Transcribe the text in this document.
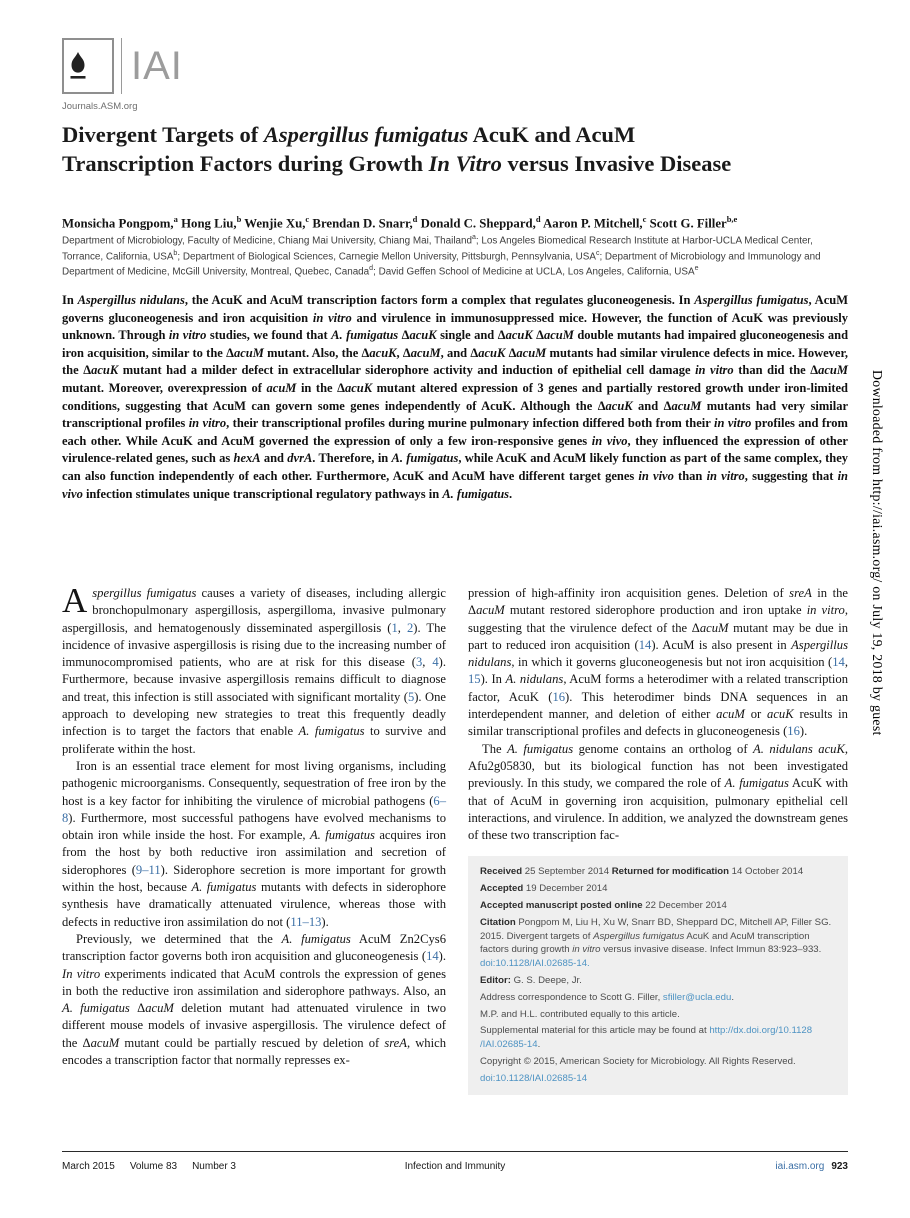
IAI
Journals.ASM.org
Divergent Targets of Aspergillus fumigatus AcuK and AcuM
Transcription Factors during Growth In Vitro versus Invasive Disease
Monsicha Pongpom,$^a$ Hong Liu,$^b$ Wenjie Xu,$^c$ Brendan D. Snarr,$^d$ Donald C. Sheppard,$^d$ Aaron P. Mitchell,$^c$ Scott G. Filler$^{b,e}$
Department of Microbiology, Faculty of Medicine, Chiang Mai University, Chiang Mai, Thailand$^a$; Los Angeles Biomedical Research Institute at Harbor-UCLA Medical Center, Torrance, California, USA$^b$; Department of Biological Sciences, Carnegie Mellon University, Pittsburgh, Pennsylvania, USA$^c$; Department of Microbiology and Immunology and Department of Medicine, McGill University, Montreal, Quebec, Canada$^d$; David Geffen School of Medicine at UCLA, Los Angeles, California, USA$^e$
In Aspergillus nidulans, the AcuK and AcuM transcription factors form a complex that regulates gluconeogenesis. In Aspergillus fumigatus, AcuM governs gluconeogenesis and iron acquisition in vitro and virulence in immunosuppressed mice. However, the function of AcuK was previously unknown. Through in vitro studies, we found that A. fumigatus ΔacuK single and ΔacuK ΔacuM double mutants had impaired gluconeogenesis and iron acquisition, similar to the ΔacuM mutant. Also, the ΔacuK, ΔacuM, and ΔacuK ΔacuM mutants had similar virulence defects in mice. However, the ΔacuK mutant had a milder defect in extracellular siderophore activity and induction of epithelial cell damage in vitro than did the ΔacuM mutant. Moreover, overexpression of acuM in the ΔacuK mutant altered expression of 3 genes and partially restored growth under iron-limited conditions, suggesting that AcuM can govern some genes independently of AcuK. Although the ΔacuK and ΔacuM mutants had very similar transcriptional profiles in vitro, their transcriptional profiles during murine pulmonary infection differed both from their in vitro profiles and from each other. While AcuK and AcuM governed the expression of only a few iron-responsive genes in vivo, they influenced the expression of other virulence-related genes, such as hexA and dvrA. Therefore, in A. fumigatus, while AcuK and AcuM likely function as part of the same complex, they can also function independently of each other. Furthermore, AcuK and AcuM have different target genes in vivo than in vitro, suggesting that in vivo infection stimulates unique transcriptional regulatory pathways in A. fumigatus.

Aspergillus fumigatus causes a variety of diseases, including allergic bronchopulmonary aspergillosis, aspergilloma, invasive pulmonary aspergillosis, and hematogenously disseminated aspergillosis (1, 2). The incidence of invasive aspergillosis is rising due to the increasing number of immunocompromised patients, who are at risk for this disease (3, 4). Furthermore, because invasive aspergillosis remains difficult to diagnose and treat, this infection is still associated with significant mortality (5). One approach to developing new strategies to treat this frequently deadly infection is to target the factors that enable A. fumigatus to survive and proliferate within the host.

Iron is an essential trace element for most living organisms, including pathogenic microorganisms. Consequently, sequestration of free iron by the host is a key factor for inhibiting the virulence of microbial pathogens (6–8). Furthermore, most successful pathogens have evolved mechanisms to obtain iron while inside the host. For example, A. fumigatus acquires iron from the host by both reductive iron assimilation and secretion of siderophores (9–11). Siderophore secretion is more important for growth within the host, because A. fumigatus mutants with defects in siderophore synthesis have dramatically attenuated virulence, whereas those with defects in reductive iron assimilation do not (11–13).

Previously, we determined that the A. fumigatus AcuM Zn2Cys6 transcription factor governs both iron acquisition and gluconeogenesis (14). In vitro experiments indicated that AcuM controls the expression of genes in both the reductive iron assimilation and siderophore pathways. Also, an A. fumigatus ΔacuM deletion mutant had attenuated virulence in two different mouse models of invasive aspergillosis. The virulence defect of the ΔacuM mutant could be partially rescued by deletion of sreA, which encodes a transcription factor that normally represses ex-

pression of high-affinity iron acquisition genes. Deletion of sreA in the ΔacuM mutant restored siderophore production and iron uptake in vitro, suggesting that the virulence defect of the ΔacuM mutant may be due in part to reduced iron acquisition (14). AcuM is also present in Aspergillus nidulans, in which it governs gluconeogenesis but not iron acquisition (14, 15). In A. nidulans, AcuM forms a heterodimer with a related transcription factor, AcuK (16). This heterodimer binds DNA sequences in an interdependent manner, and deletion of either acuM or acuK results in similar transcriptional profiles and defects in gluconeogenesis (16).

The A. fumigatus genome contains an ortholog of A. nidulans acuK, Afu2g05830, but its biological function has not been investigated previously. In this study, we compared the role of A. fumigatus AcuK with that of AcuM in governing iron acquisition, pulmonary epithelial cell interactions, and virulence. In addition, we analyzed the downstream genes of these two transcription fac-

Received 25 September 2014 Returned for modification 14 October 2014

Accepted 19 December 2014

Accepted manuscript posted online 22 December 2014

Citation Pongpom M, Liu H, Xu W, Snarr BD, Sheppard DC, Mitchell AP, Filler SG. 2015. Divergent targets of Aspergillus fumigatus AcuK and AcuM transcription factors during growth in vitro versus invasive disease. Infect Immun 83:923–933. doi:10.1128/IAI.02685-14.

Editor: G. S. Deepe, Jr.

Address correspondence to Scott G. Filler, sfiller@ucla.edu.

M.P. and H.L. contributed equally to this article.

Supplemental material for this article may be found at http://dx.doi.org/10.1128 /IAI.02685-14.

Copyright © 2015, American Society for Microbiology. All Rights Reserved.

doi:10.1128/IAI.02685-14

Downloaded from http://iai.asm.org/ on July 19, 2018 by guest
March 2015 Volume 83 Number 3	Infection and Immunity	iai.asm.org 923
